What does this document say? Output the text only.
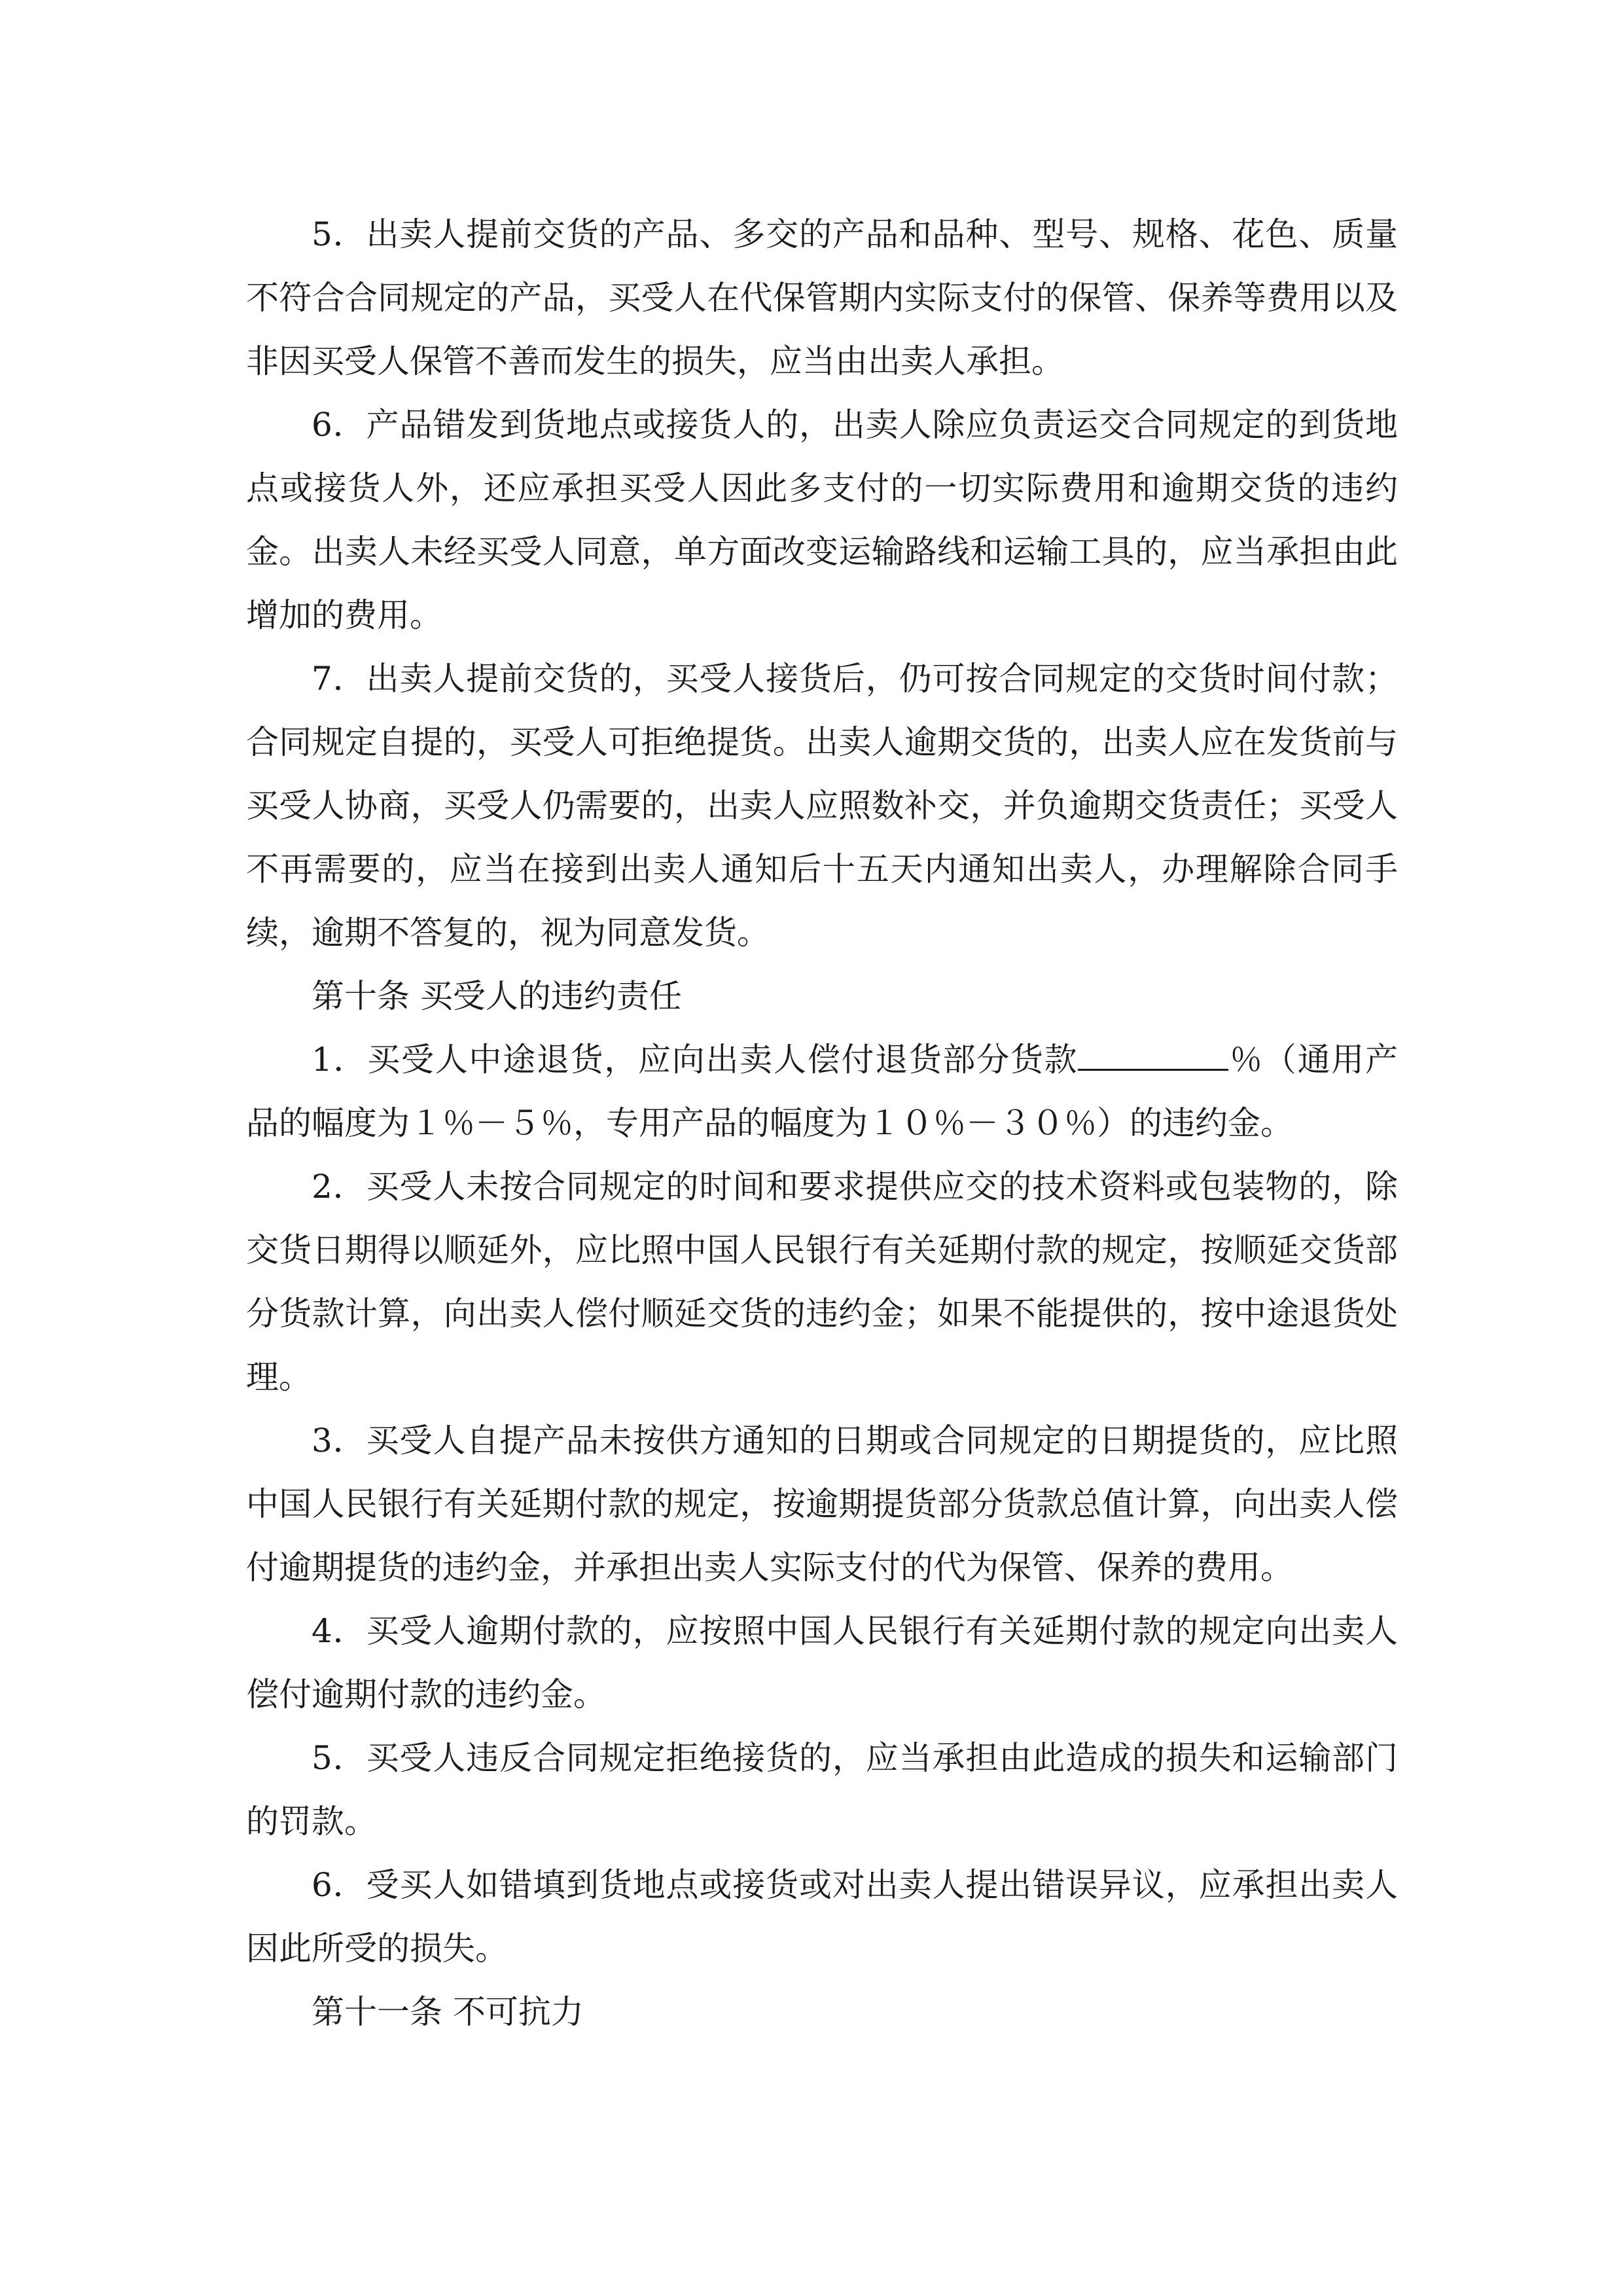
5．出卖人提前交货的产品、多交的产品和品种、型号、规格、花色、质量不符合合同规定的产品，买受人在代保管期内实际支付的保管、保养等费用以及非因买受人保管不善而发生的损失，应当由出卖人承担。

6．产品错发到货地点或接货人的，出卖人除应负责运交合同规定的到货地点或接货人外，还应承担买受人因此多支付的一切实际费用和逾期交货的违约金。出卖人未经买受人同意，单方面改变运输路线和运输工具的，应当承担由此增加的费用。

7．出卖人提前交货的，买受人接货后，仍可按合同规定的交货时间付款；合同规定自提的，买受人可拒绝提货。出卖人逾期交货的，出卖人应在发货前与买受人协商，买受人仍需要的，出卖人应照数补交，并负逾期交货责任；买受人不再需要的，应当在接到出卖人通知后十五天内通知出卖人，办理解除合同手续，逾期不答复的，视为同意发货。

第十条 买受人的违约责任

1．买受人中途退货，应向出卖人偿付退货部分货款	％（通用产品的幅度为１％－５％，专用产品的幅度为１０％－３０％）的违约金。

2．买受人未按合同规定的时间和要求提供应交的技术资料或包装物的，除交货日期得以顺延外，应比照中国人民银行有关延期付款的规定，按顺延交货部分货款计算，向出卖人偿付顺延交货的违约金；如果不能提供的，按中途退货处理。

3．买受人自提产品未按供方通知的日期或合同规定的日期提货的，应比照中国人民银行有关延期付款的规定，按逾期提货部分货款总值计算，向出卖人偿付逾期提货的违约金，并承担出卖人实际支付的代为保管、保养的费用。

4．买受人逾期付款的，应按照中国人民银行有关延期付款的规定向出卖人偿付逾期付款的违约金。

5．买受人违反合同规定拒绝接货的，应当承担由此造成的损失和运输部门的罚款。

6．受买人如错填到货地点或接货或对出卖人提出错误异议，应承担出卖人因此所受的损失。

第十一条 不可抗力
